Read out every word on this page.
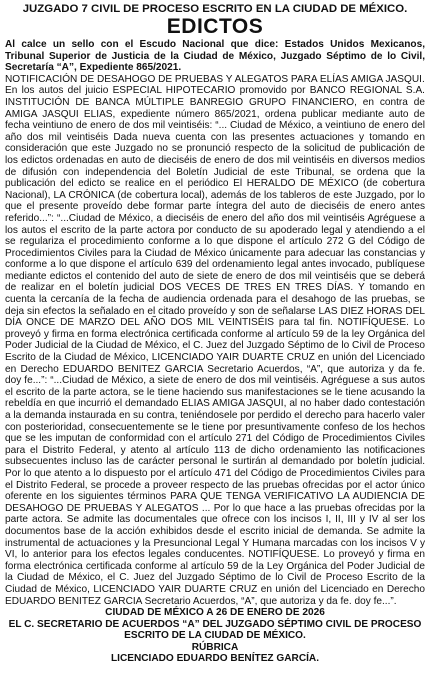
JUZGADO 7 CIVIL DE PROCESO ESCRITO EN LA CIUDAD DE MÉXICO.
EDICTOS
Al calce un sello con el Escudo Nacional que dice: Estados Unidos Mexicanos, Tribunal Superior de Justicia de la Ciudad de México, Juzgado Séptimo de lo Civil, Secretaría “A”, Expediente 865/2021.

NOTIFICACIÓN DE DESAHOGO DE PRUEBAS Y ALEGATOS PARA ELÍAS AMIGA JASQUI.

En los autos del juicio ESPECIAL HIPOTECARIO promovido por BANCO REGIONAL S.A. INSTITUCIÓN DE BANCA MÚLTIPLE BANREGIO GRUPO FINANCIERO, en contra de AMIGA JASQUI ELIAS, expediente número 865/2021, ordena publicar mediante auto de fecha veintiuno de enero de dos mil veintiséis: “... Ciudad de México, a veintiuno de enero del año dos mil veintiséis Dada nueva cuenta con las presentes actuaciones y tomando en consideración que este Juzgado no se pronunció respecto de la solicitud de publicación de los edictos ordenadas en auto de dieciséis de enero de dos mil veintiséis en diversos medios de difusión con independencia del Boletín Judicial de este Tribunal, se ordena que la publicación del edicto se realice en el periódico El HERALDO DE MÉXICO (de cobertura Nacional), LA CRÓNICA (de cobertura local), además de los tableros de este Juzgado, por lo que el presente proveído debe formar parte íntegra del auto de dieciséis de enero antes referido...”: “...Ciudad de México, a dieciséis de enero del año dos mil veintiséis Agréguese a los autos el escrito de la parte actora por conducto de su apoderado legal y atendiendo a el se regulariza el procedimiento conforme a lo que dispone el artículo 272 G del Código de Procedimientos Civiles para la Ciudad de México únicamente para adecuar las constancias y conforme a lo que dispone el artículo 639 del ordenamiento legal antes invocado, publíquese mediante edictos el contenido del auto de siete de enero de dos mil veintiséis que se deberá de realizar en el boletín judicial DOS VECES DE TRES EN TRES DÍAS. Y tomando en cuenta la cercanía de la fecha de audiencia ordenada para el desahogo de las pruebas, se deja sin efectos la señalado en el citado proveído y son de señalarse LAS DIEZ HORAS DEL DÍA ONCE DE MARZO DEL AÑO DOS MIL VEINTISÉIS para tal fin. NOTIFÍQUESE. Lo proveyó y firma en forma electrónica certificada conforme al artículo 59 de la ley Orgánica del Poder Judicial de la Ciudad de México, el C. Juez del Juzgado Séptimo de lo Civil de Proceso Escrito de la Ciudad de México, LICENCIADO YAIR DUARTE CRUZ en unión del Licenciado en Derecho EDUARDO BENITEZ GARCIA Secretario Acuerdos, “A”, que autoriza y da fe. doy fe...”: “...Ciudad de México, a siete de enero de dos mil veintiséis. Agréguese a sus autos el escrito de la parte actora, se le tiene haciendo sus manifestaciones se le tiene acusando la rebeldía en que incurrió el demandado ELIAS AMIGA JASQUI, al no haber dado contestación a la demanda instaurada en su contra, teniéndosele por perdido el derecho para hacerlo valer con posterioridad, consecuentemente se le tiene por presuntivamente confeso de los hechos que se les imputan de conformidad con el artículo 271 del Código de Procedimientos Civiles para el Distrito Federal, y atento al artículo 113 de dicho ordenamiento las notificaciones subsecuentes incluso las de carácter personal le surtirán al demandado por boletín judicial. Por lo que atento a lo dispuesto por el artículo 471 del Código de Procedimientos Civiles para el Distrito Federal, se procede a proveer respecto de las pruebas ofrecidas por el actor único oferente en los siguientes términos PARA QUE TENGA VERIFICATIVO LA AUDIENCIA DE DESAHOGO DE PRUEBAS Y ALEGATOS ... Por lo que hace a las pruebas ofrecidas por la parte actora. Se admite las documentales que ofrece con los incisos I, II, III y IV al ser los documentos base de la acción exhibidos desde el escrito inicial de demanda. Se admite la instrumental de actuaciones y la Presuncional Legal Y Humana marcadas con los incisos V y VI, lo anterior para los efectos legales conducentes. NOTIFÍQUESE. Lo proveyó y firma en forma electrónica certificada conforme al artículo 59 de la Ley Orgánica del Poder Judicial de la Ciudad de México, el C. Juez del Juzgado Séptimo de lo Civil de Proceso Escrito de la Ciudad de México, LICENCIADO YAIR DUARTE CRUZ en unión del Licenciado en Derecho EDUARDO BENITEZ GARCIA Secretario Acuerdos, “A”, que autoriza y da fe. doy fe...”.

CIUDAD DE MÉXICO A 26 DE ENERO DE 2026
EL C. SECRETARIO DE ACUERDOS “A” DEL JUZGADO SÉPTIMO CIVIL DE PROCESO ESCRITO DE LA CIUDAD DE MÉXICO.
RÚBRICA
LICENCIADO EDUARDO BENÍTEZ GARCÍA.
